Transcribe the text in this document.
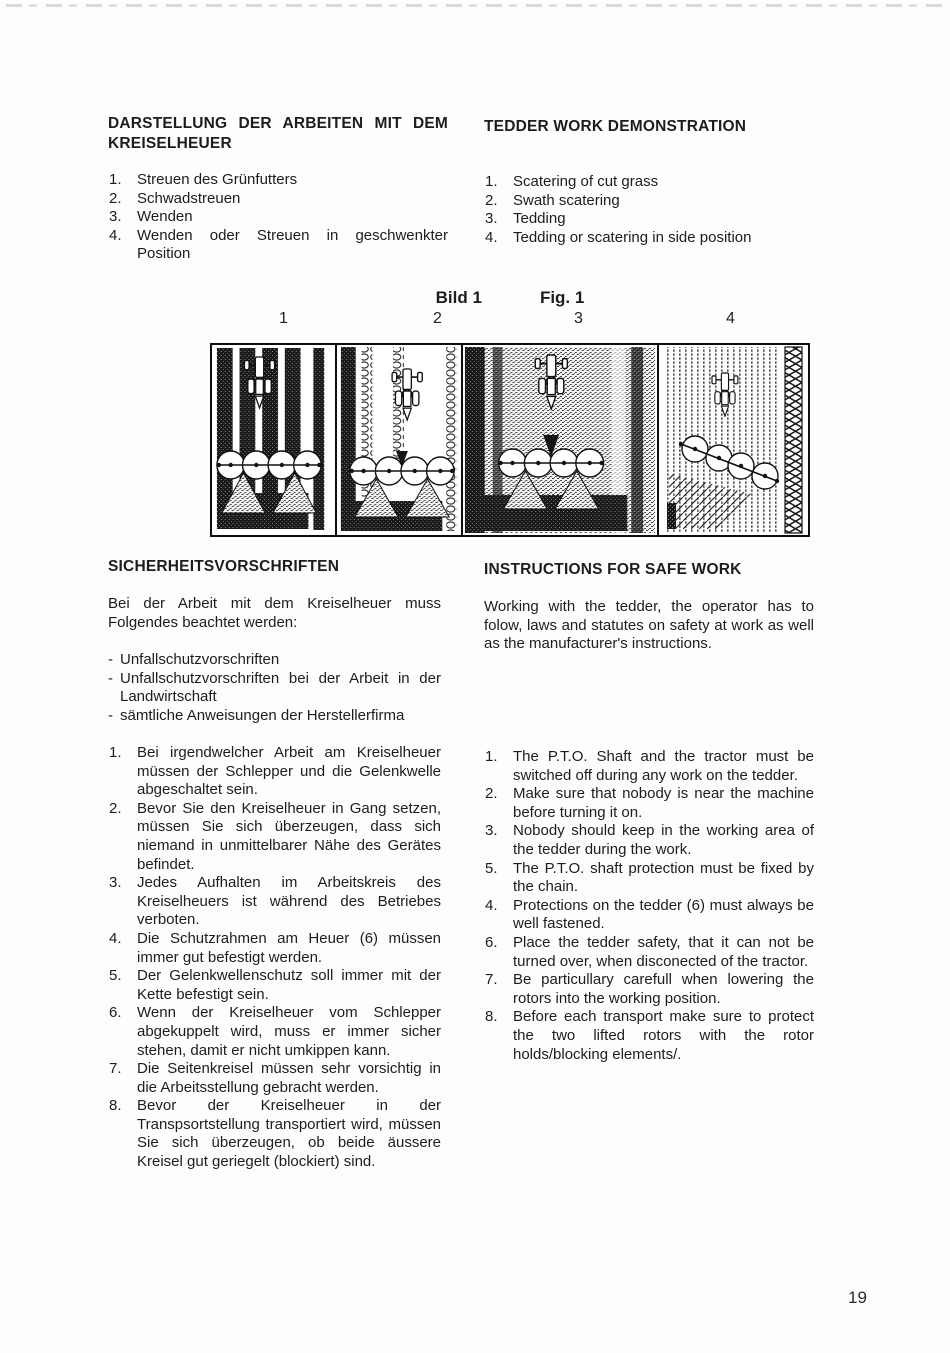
DARSTELLUNG DER ARBEITEN MIT DEM KREISELHEUER
1. Streuen des Grünfutters
2. Schwadstreuen
3. Wenden
4. Wenden oder Streuen in geschwenkter Position
TEDDER WORK DEMONSTRATION
1. Scatering of cut grass
2. Swath scatering
3. Tedding
4. Tedding or scatering in side position
Bild 1	Fig. 1
1	2	3	4
SICHERHEITSVORSCHRIFTEN
Bei der Arbeit mit dem Kreiselheuer muss Folgendes beachtet werden:
- Unfallschutzvorschriften
- Unfallschutzvorschriften bei der Arbeit in der Landwirtschaft
- sämtliche Anweisungen der Herstellerfirma
1. Bei irgendwelcher Arbeit am Kreiselheuer müssen der Schlepper und die Gelenkwelle abgeschaltet sein.
2. Bevor Sie den Kreiselheuer in Gang setzen, müssen Sie sich überzeugen, dass sich niemand in unmittelbarer Nähe des Gerätes befindet.
3. Jedes Aufhalten im Arbeitskreis des Kreiselheuers ist während des Betriebes verboten.
4. Die Schutzrahmen am Heuer (6) müssen immer gut befestigt werden.
5. Der Gelenkwellenschutz soll immer mit der Kette befestigt sein.
6. Wenn der Kreiselheuer vom Schlepper abgekuppelt wird, muss er immer sicher stehen, damit er nicht umkippen kann.
7. Die Seitenkreisel müssen sehr vorsichtig in die Arbeitsstellung gebracht werden.
8. Bevor der Kreiselheuer in der Transpsortstellung transportiert wird, müssen Sie sich überzeugen, ob beide äussere Kreisel gut geriegelt (blockiert) sind.
INSTRUCTIONS FOR SAFE WORK
Working with the tedder, the operator has to folow, laws and statutes on safety at work as well as the manufacturer's instructions.
1. The P.T.O. Shaft and the tractor must be switched off during any work on the tedder.
2. Make sure that nobody is near the machine before turning it on.
3. Nobody should keep in the working area of the tedder during the work.
5. The P.T.O. shaft protection must be fixed by the chain.
4. Protections on the tedder (6) must always be well fastened.
6. Place the tedder safety, that it can not be turned over, when disconected of the tractor.
7. Be particullary carefull when lowering the rotors into the working position.
8. Before each transport make sure to protect the two lifted rotors with the rotor holds/blocking elements/.
19
